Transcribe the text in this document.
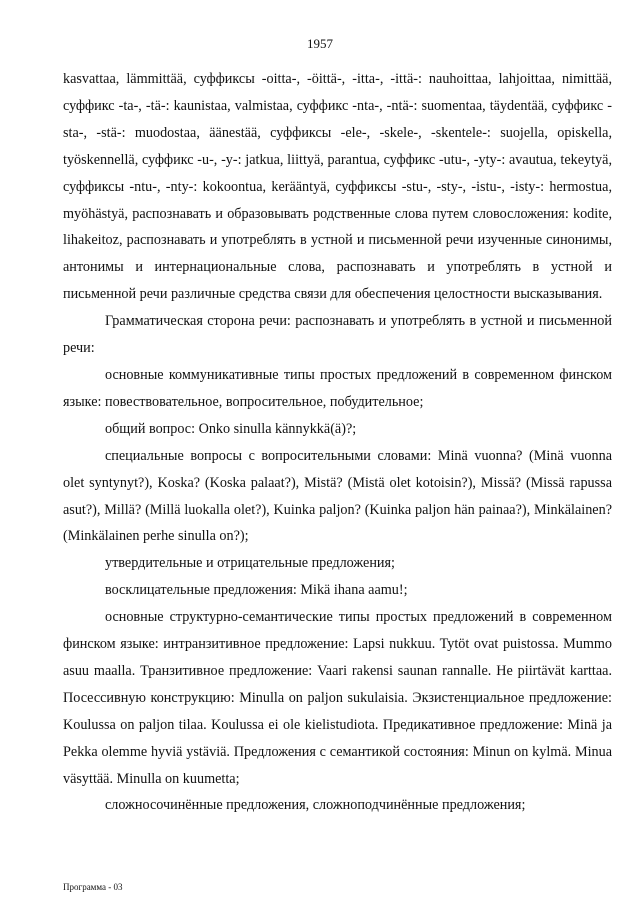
1957

kasvattaa, lämmittää, суффиксы -oitta-, -öittä-, -itta-, -ittä-: nauhoittaa, lahjoittaa, nimittää, суффикс -ta-, -tä-: kaunistaa, valmistaa, суффикс -nta-, -ntä-: suomentaa, täydentää, суффикс -sta-, -stä-: muodostaa, äänestää, суффиксы -ele-, -skele-, -skentele-: suojella, opiskella, työskennellä, суффикс -u-, -y-: jatkua, liittyä, parantua, суффикс -utu-, -yty-: avautua, tekeytyä, суффиксы -ntu-, -nty-: kokoontua, kerääntyä, суффиксы -stu-, -sty-, -istu-, -isty-: hermostua, myöhästyä, распознавать и образовывать родственные слова путем словосложения: kodite, lihakeitoz, распознавать и употреблять в устной и письменной речи изученные синонимы, антонимы и интернациональные слова, распознавать и употреблять в устной и письменной речи различные средства связи для обеспечения целостности высказывания.

Грамматическая сторона речи: распознавать и употреблять в устной и письменной речи:

основные коммуникативные типы простых предложений в современном финском языке: повествовательное, вопросительное, побудительное;

общий вопрос: Onko sinulla kännykkä(ä)?;

специальные вопросы с вопросительными словами: Minä vuonna? (Minä vuonna olet syntynyt?), Koska? (Koska palaat?), Mistä? (Mistä olet kotoisin?), Missä? (Missä rapussa asut?), Millä? (Millä luokalla olet?), Kuinka paljon? (Kuinka paljon hän painaa?), Minkälainen? (Minkälainen perhe sinulla on?);

утвердительные и отрицательные предложения;

восклицательные предложения: Mikä ihana aamu!;

основные структурно-семантические типы простых предложений в современном финском языке: интранзитивное предложение: Lapsi nukkuu. Tytöt ovat puistossa. Mummo asuu maalla. Транзитивное предложение: Vaari rakensi saunan rannalle. He piirtävät karttaa. Посессивную конструкцию: Minulla on paljon sukulaisia. Экзистенциальное предложение: Koulussa on paljon tilaa. Koulussa ei ole kielistudiota. Предикативное предложение: Minä ja Pekka olemme hyviä ystäviä. Предложения с семантикой состояния: Minun on kylmä. Minua väsyttää. Minulla on kuumetta;

сложносочинённые предложения, сложноподчинённые предложения;

Программа - 03
